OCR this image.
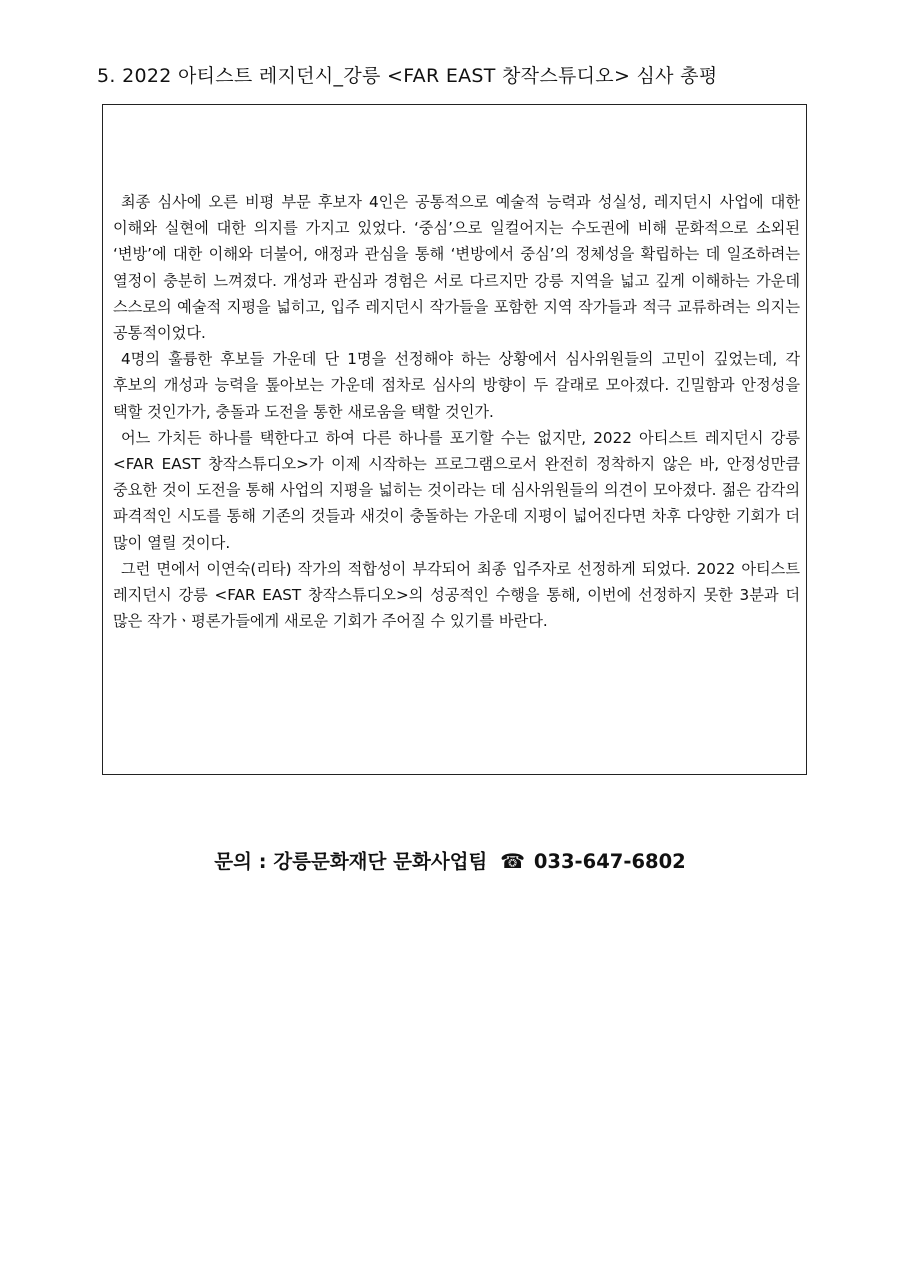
5. 2022 아티스트 레지던시_강릉 <FAR EAST 창작스튜디오> 심사 총평

최종 심사에 오른 비평 부문 후보자 4인은 공통적으로 예술적 능력과 성실성, 레지던시 사업에 대한 이해와 실현에 대한 의지를 가지고 있었다. ‘중심’으로 일컬어지는 수도권에 비해 문화적으로 소외된 ‘변방’에 대한 이해와 더불어, 애정과 관심을 통해 ‘변방에서 중심’의 정체성을 확립하는 데 일조하려는 열정이 충분히 느껴졌다. 개성과 관심과 경험은 서로 다르지만 강릉 지역을 넓고 깊게 이해하는 가운데 스스로의 예술적 지평을 넓히고, 입주 레지던시 작가들을 포함한 지역 작가들과 적극 교류하려는 의지는 공통적이었다.

4명의 훌륭한 후보들 가운데 단 1명을 선정해야 하는 상황에서 심사위원들의 고민이 깊었는데, 각 후보의 개성과 능력을 톺아보는 가운데 점차로 심사의 방향이 두 갈래로 모아졌다. 긴밀함과 안정성을 택할 것인가가, 충돌과 도전을 통한 새로움을 택할 것인가.

어느 가치든 하나를 택한다고 하여 다른 하나를 포기할 수는 없지만, 2022 아티스트 레지던시 강릉 <FAR EAST 창작스튜디오>가 이제 시작하는 프로그램으로서 완전히 정착하지 않은 바, 안정성만큼 중요한 것이 도전을 통해 사업의 지평을 넓히는 것이라는 데 심사위원들의 의견이 모아졌다. 젊은 감각의 파격적인 시도를 통해 기존의 것들과 새것이 충돌하는 가운데 지평이 넓어진다면 차후 다양한 기회가 더 많이 열릴 것이다.

그런 면에서 이연숙(리타) 작가의 적합성이 부각되어 최종 입주자로 선정하게 되었다. 2022 아티스트 레지던시 강릉 <FAR EAST 창작스튜디오>의 성공적인 수행을 통해, 이번에 선정하지 못한 3분과 더 많은 작가ㆍ평론가들에게 새로운 기회가 주어질 수 있기를 바란다.

문의 : 강릉문화재단 문화사업팀 ☎ 033-647-6802
